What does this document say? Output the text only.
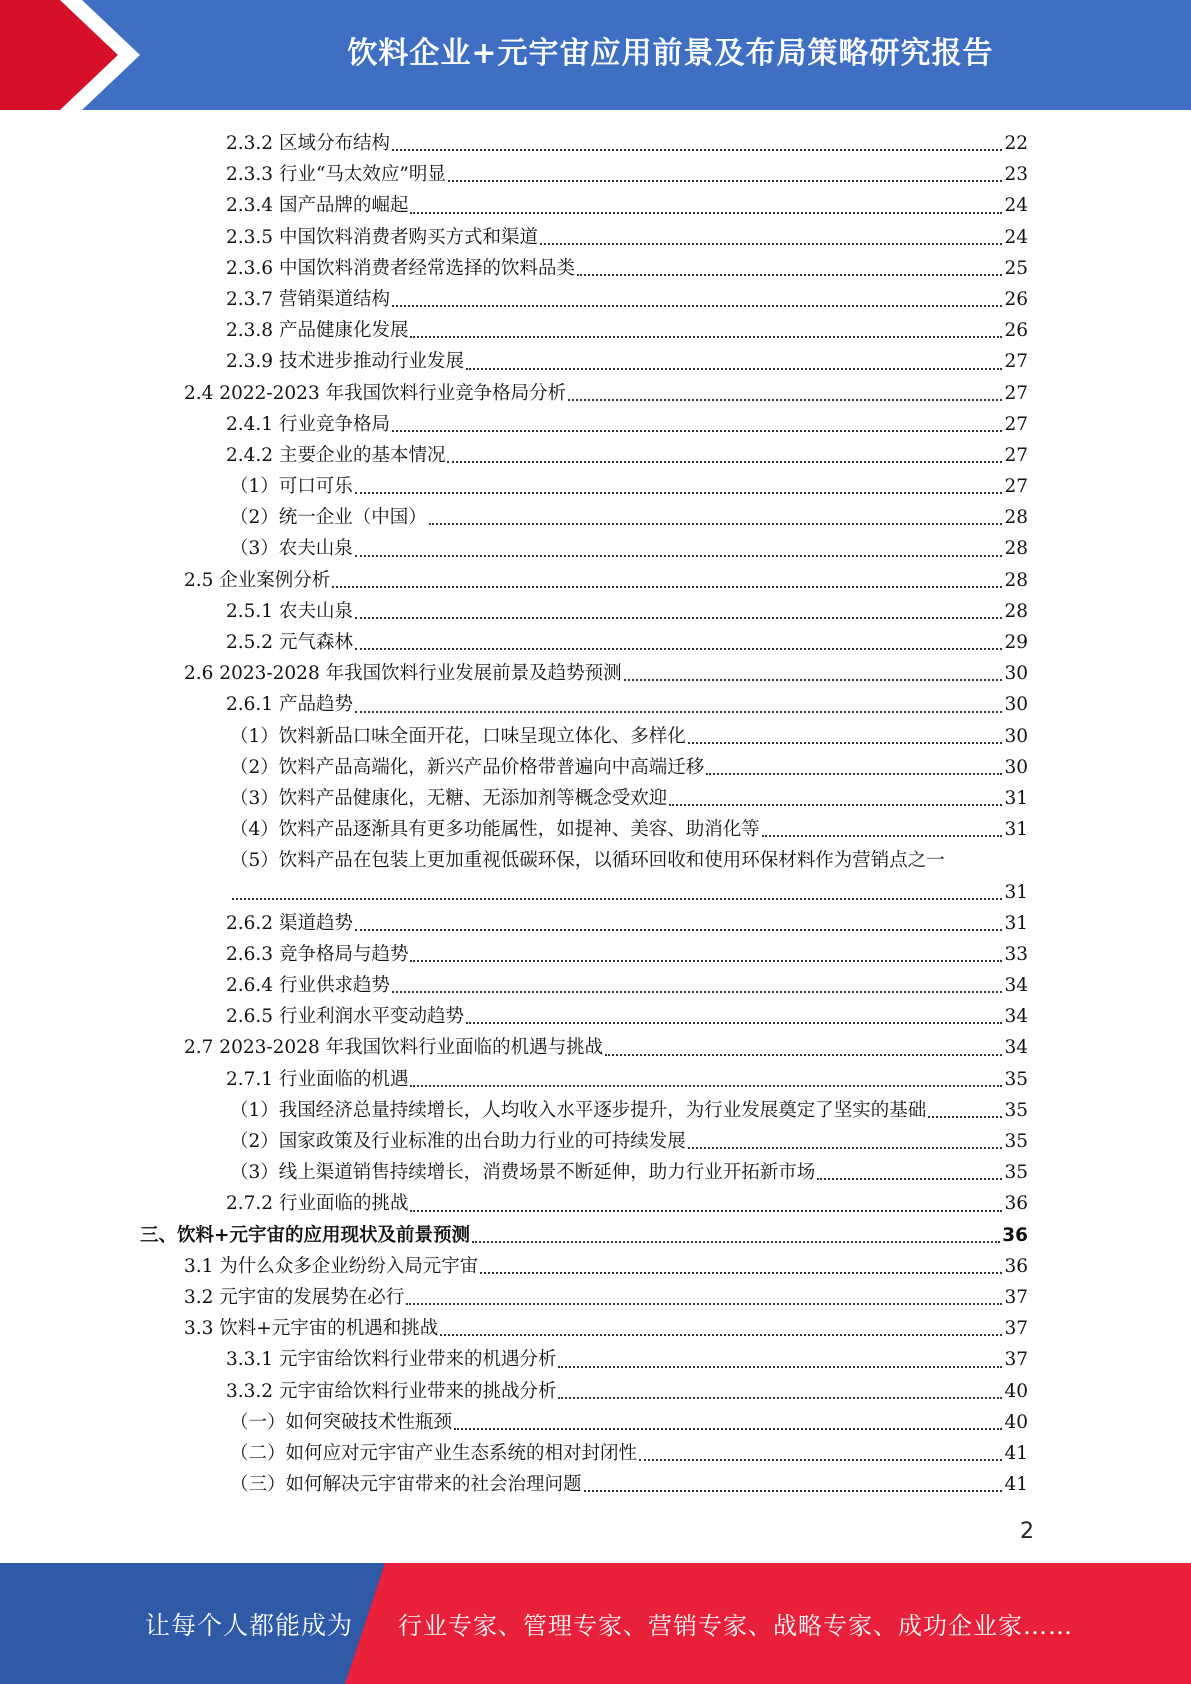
饮料企业+元宇宙应用前景及布局策略研究报告
2.3.2 区域分布结构	22
2.3.3 行业“马太效应”明显	23
2.3.4 国产品牌的崛起	24
2.3.5 中国饮料消费者购买方式和渠道	24
2.3.6 中国饮料消费者经常选择的饮料品类	25
2.3.7 营销渠道结构	26
2.3.8 产品健康化发展	26
2.3.9 技术进步推动行业发展	27
2.4 2022-2023 年我国饮料行业竞争格局分析	27
2.4.1 行业竞争格局	27
2.4.2 主要企业的基本情况	27
（1）可口可乐	27
（2）统一企业（中国）	28
（3）农夫山泉	28
2.5 企业案例分析	28
2.5.1 农夫山泉	28
2.5.2 元气森林	29
2.6 2023-2028 年我国饮料行业发展前景及趋势预测	30
2.6.1 产品趋势	30
（1）饮料新品口味全面开花，口味呈现立体化、多样化	30
（2）饮料产品高端化，新兴产品价格带普遍向中高端迁移	30
（3）饮料产品健康化，无糖、无添加剂等概念受欢迎	31
（4）饮料产品逐渐具有更多功能属性，如提神、美容、助消化等	31
（5）饮料产品在包装上更加重视低碳环保，以循环回收和使用环保材料作为营销点之一
31
2.6.2 渠道趋势	31
2.6.3 竞争格局与趋势	33
2.6.4 行业供求趋势	34
2.6.5 行业利润水平变动趋势	34
2.7 2023-2028 年我国饮料行业面临的机遇与挑战	34
2.7.1 行业面临的机遇	35
（1）我国经济总量持续增长，人均收入水平逐步提升，为行业发展奠定了坚实的基础	35
（2）国家政策及行业标准的出台助力行业的可持续发展	35
（3）线上渠道销售持续增长，消费场景不断延伸，助力行业开拓新市场	35
2.7.2 行业面临的挑战	36
三、饮料+元宇宙的应用现状及前景预测	36
3.1 为什么众多企业纷纷入局元宇宙	36
3.2 元宇宙的发展势在必行	37
3.3 饮料+元宇宙的机遇和挑战	37
3.3.1 元宇宙给饮料行业带来的机遇分析	37
3.3.2 元宇宙给饮料行业带来的挑战分析	40
（一）如何突破技术性瓶颈	40
（二）如何应对元宇宙产业生态系统的相对封闭性	41
（三）如何解决元宇宙带来的社会治理问题	41
2
让每个人都能成为	行业专家、管理专家、营销专家、战略专家、成功企业家……
